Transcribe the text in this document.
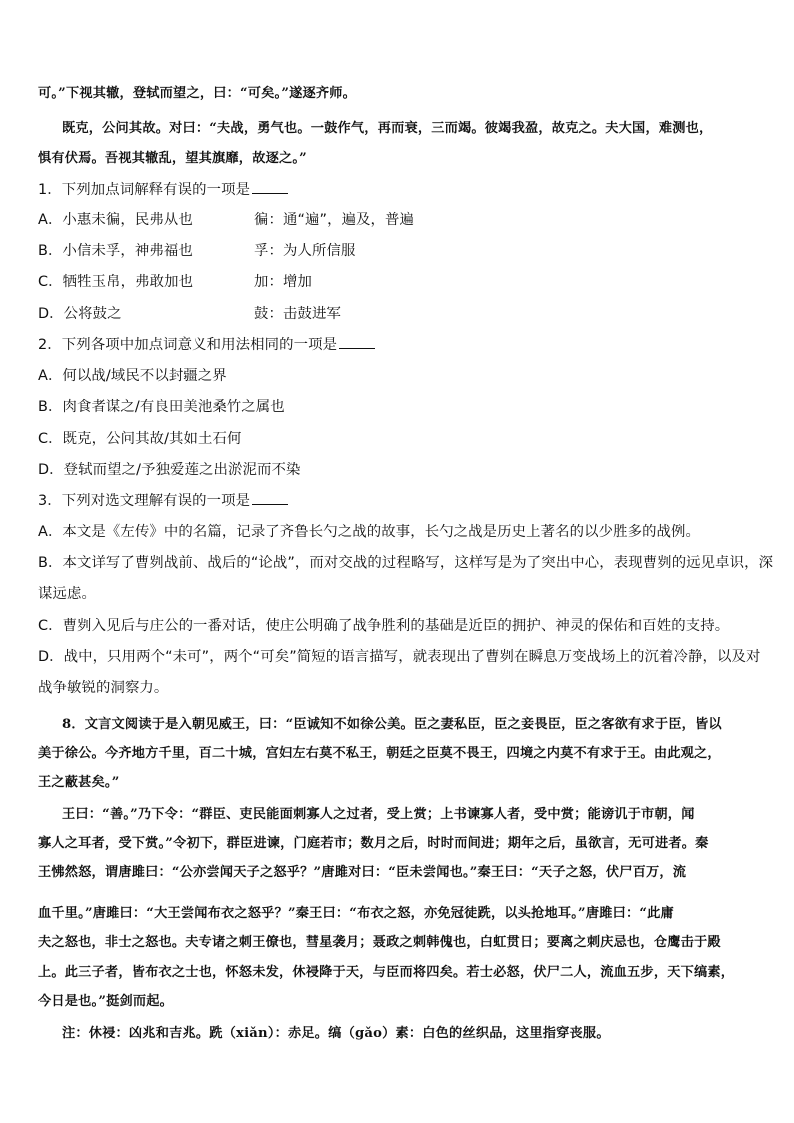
可。”下视其辙，登轼而望之，曰：“可矣。”遂逐齐师。
既克，公问其故。对曰：“夫战，勇气也。一鼓作气，再而衰，三而竭。彼竭我盈，故克之。夫大国，难测也，
惧有伏焉。吾视其辙乱，望其旗靡，故逐之。”
1．下列加点词解释有误的一项是
A．小惠未徧，民弗从也	徧：通“遍”，遍及，普遍
B．小信未孚，神弗福也	孚：为人所信服
C．牺牲玉帛，弗敢加也	加：增加
D．公将鼓之	鼓：击鼓进军
2．下列各项中加点词意义和用法相同的一项是
A．何以战/域民不以封疆之界
B．肉食者谋之/有良田美池桑竹之属也
C．既克，公问其故/其如土石何
D．登轼而望之/予独爱莲之出淤泥而不染
3．下列对选文理解有误的一项是
A．本文是《左传》中的名篇，记录了齐鲁长勺之战的故事，长勺之战是历史上著名的以少胜多的战例。
B．本文详写了曹刿战前、战后的“论战”，而对交战的过程略写，这样写是为了突出中心，表现曹刿的远见卓识，深
谋远虑。
C．曹刿入见后与庄公的一番对话，使庄公明确了战争胜利的基础是近臣的拥护、神灵的保佑和百姓的支持。
D．战中，只用两个“未可”，两个“可矣”简短的语言描写，就表现出了曹刿在瞬息万变战场上的沉着冷静，以及对
战争敏锐的洞察力。
8．文言文阅读于是入朝见威王，曰：“臣诚知不如徐公美。臣之妻私臣，臣之妾畏臣，臣之客欲有求于臣，皆以
美于徐公。今齐地方千里，百二十城，宫妇左右莫不私王，朝廷之臣莫不畏王，四境之内莫不有求于王。由此观之，
王之蔽甚矣。”
王曰：“善。”乃下令：“群臣、吏民能面刺寡人之过者，受上赏；上书谏寡人者，受中赏；能谤讥于市朝，闻
寡人之耳者，受下赏。”令初下，群臣进谏，门庭若市；数月之后，时时而间进；期年之后，虽欲言，无可进者。秦
王怫然怒，谓唐雎曰：“公亦尝闻天子之怒乎？”唐雎对曰：“臣未尝闻也。”秦王曰：“天子之怒，伏尸百万，流
血千里。”唐雎曰：“大王尝闻布衣之怒乎？”秦王曰：“布衣之怒，亦免冠徒跣，以头抢地耳。”唐雎曰：“此庸
夫之怒也，非士之怒也。夫专诸之刺王僚也，彗星袭月；聂政之刺韩傀也，白虹贯日；要离之刺庆忌也，仓鹰击于殿
上。此三子者，皆布衣之士也，怀怒未发，休祲降于天，与臣而将四矣。若士必怒，伏尸二人，流血五步，天下缟素，
今日是也。”挺剑而起。
注：休祲：凶兆和吉兆。跣（xiǎn）：赤足。缟（gǎo）素：白色的丝织品，这里指穿丧服。
